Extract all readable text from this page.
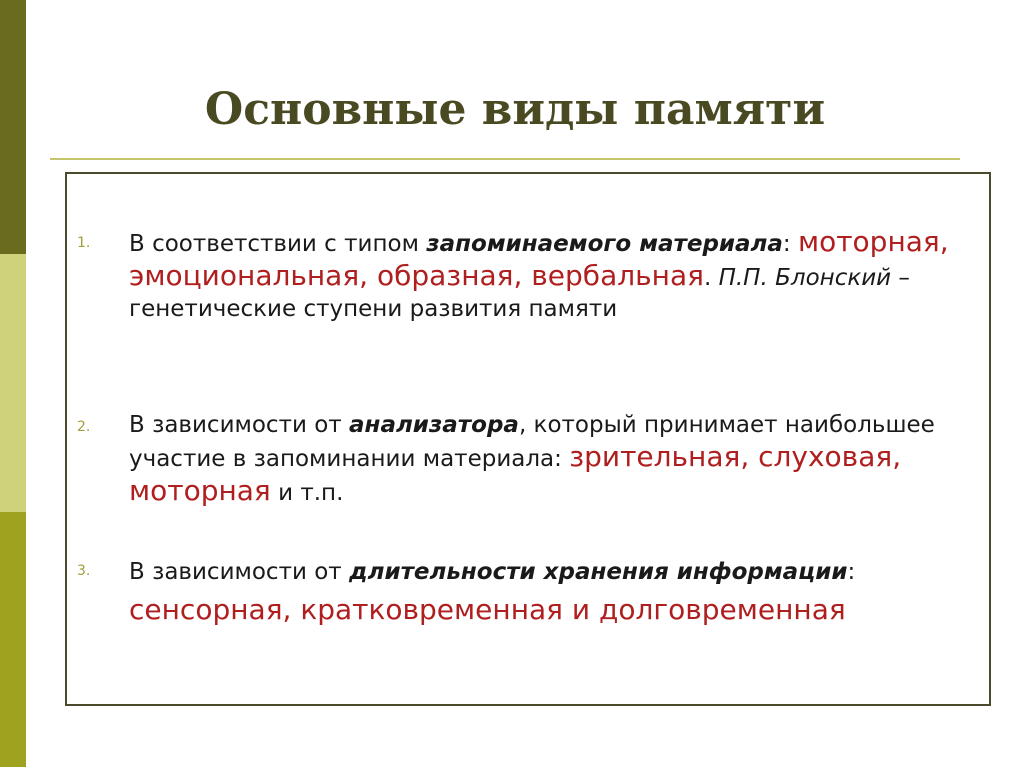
Основные виды памяти
1. В соответствии с типом запоминаемого материала: моторная, эмоциональная, образная, вербальная. П.П. Блонский – генетические ступени развития памяти
2. В зависимости от анализатора, который принимает наибольшее участие в запоминании материала: зрительная, слуховая, моторная и т.п.
3. В зависимости от длительности хранения информации: сенсорная, кратковременная и долговременная
